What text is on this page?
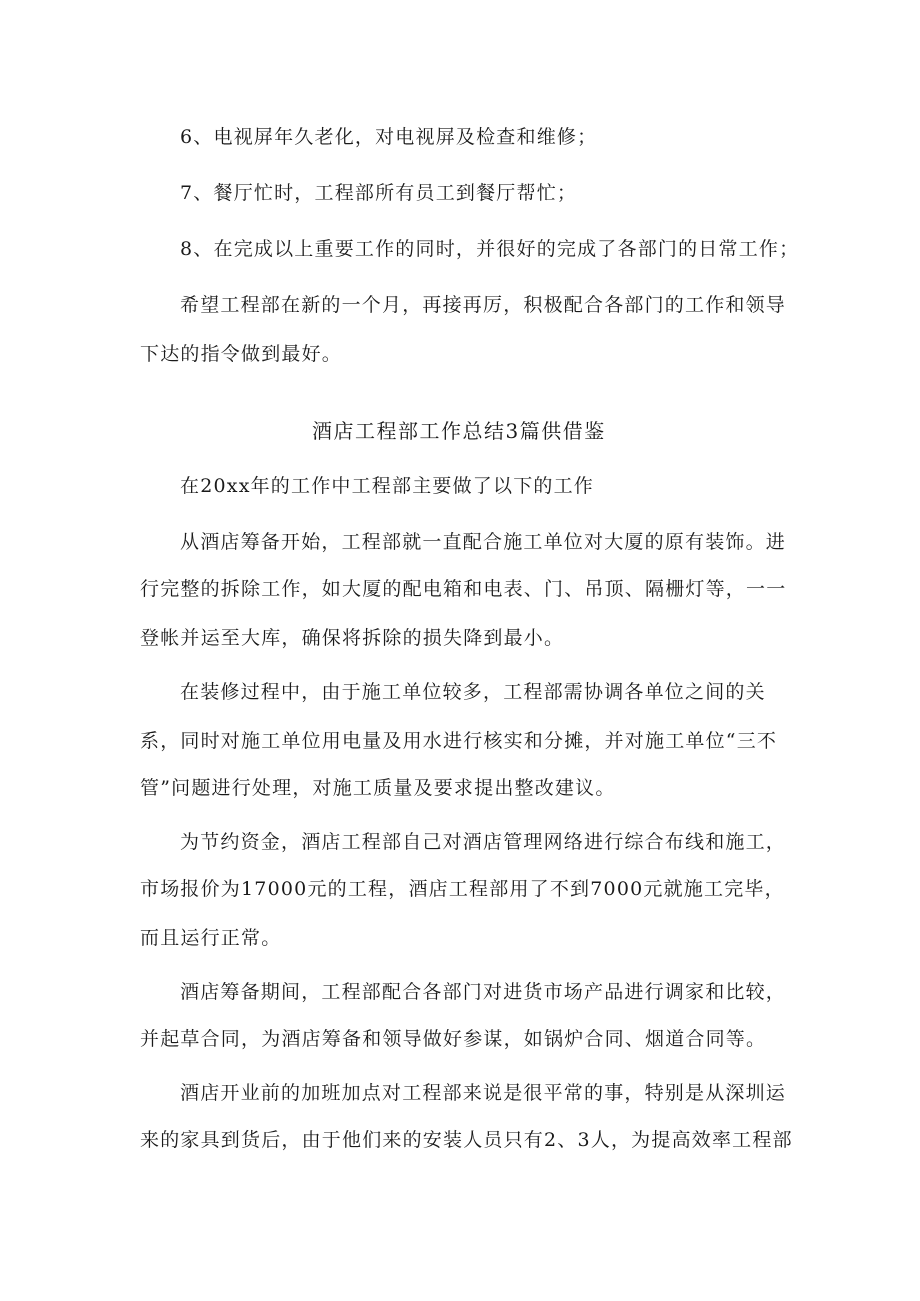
6、电视屏年久老化，对电视屏及检查和维修；
7、餐厅忙时，工程部所有员工到餐厅帮忙；
8、在完成以上重要工作的同时，并很好的完成了各部门的日常工作；
希望工程部在新的一个月，再接再厉，积极配合各部门的工作和领导
下达的指令做到最好。
酒店工程部工作总结3篇供借鉴
在20xx年的工作中工程部主要做了以下的工作
从酒店筹备开始，工程部就一直配合施工单位对大厦的原有装饰。进
行完整的拆除工作，如大厦的配电箱和电表、门、吊顶、隔栅灯等，一一
登帐并运至大库，确保将拆除的损失降到最小。
在装修过程中，由于施工单位较多，工程部需协调各单位之间的关
系，同时对施工单位用电量及用水进行核实和分摊，并对施工单位“三不
管”问题进行处理，对施工质量及要求提出整改建议。
为节约资金，酒店工程部自己对酒店管理网络进行综合布线和施工，
市场报价为17000元的工程，酒店工程部用了不到7000元就施工完毕，
而且运行正常。
酒店筹备期间，工程部配合各部门对进货市场产品进行调家和比较，
并起草合同，为酒店筹备和领导做好参谋，如锅炉合同、烟道合同等。
酒店开业前的加班加点对工程部来说是很平常的事，特别是从深圳运
来的家具到货后，由于他们来的安装人员只有2、3人，为提高效率工程部
